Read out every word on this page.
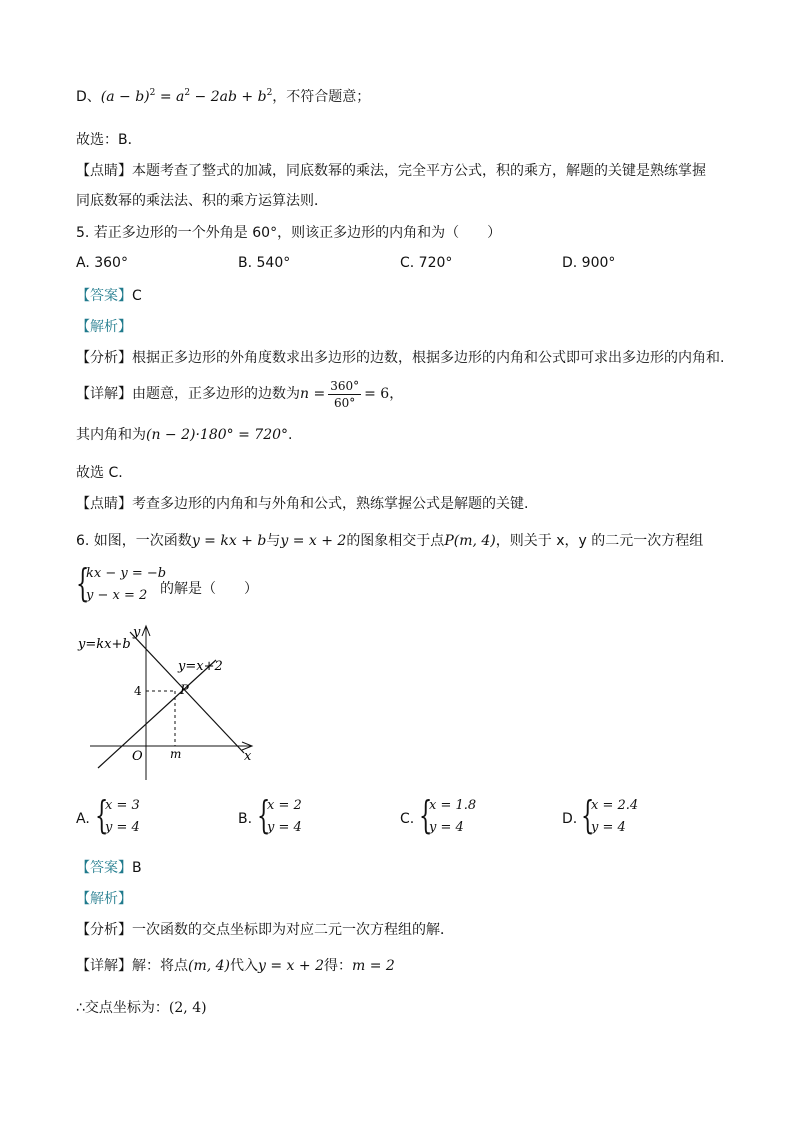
D、$(a - b)^2 = a^2 - 2ab + b^2$，不符合题意；
故选：B．
【点睛】本题考查了整式的加减，同底数幂的乘法，完全平方公式，积的乘方，解题的关键是熟练掌握
同底数幂的乘法法、积的乘方运算法则．
5. 若正多边形的一个外角是 60°，则该正多边形的内角和为（　　）
A. 360°	B. 540°	C. 720°	D. 900°
【答案】C
【解析】
【分析】根据正多边形的外角度数求出多边形的边数，根据多边形的内角和公式即可求出多边形的内角和.
【详解】由题意，正多边形的边数为$n = \frac{360^\circ}{60^\circ} = 6$，
其内角和为(n − 2)·180° = 720°.
故选 C.
【点睛】考查多边形的内角和与外角和公式，熟练掌握公式是解题的关键.
6. 如图，一次函数y = kx + b与y = x + 2的图象相交于点P(m, 4)，则关于 x，y 的二元一次方程组
{
kx − y = −b
y − x = 2 的解是（　　）
y=kx+b
y=x+2
y
x
O
4
m
P
A. {
x = 3
y = 4
B. {
x = 2
y = 4
C. {
x = 1.8
y = 4
D. {
x = 2.4
y = 4
【答案】B
【解析】
【分析】一次函数的交点坐标即为对应二元一次方程组的解．
【详解】解：将点(m, 4)代入y = x + 2得：m = 2
∴交点坐标为：(2, 4)
